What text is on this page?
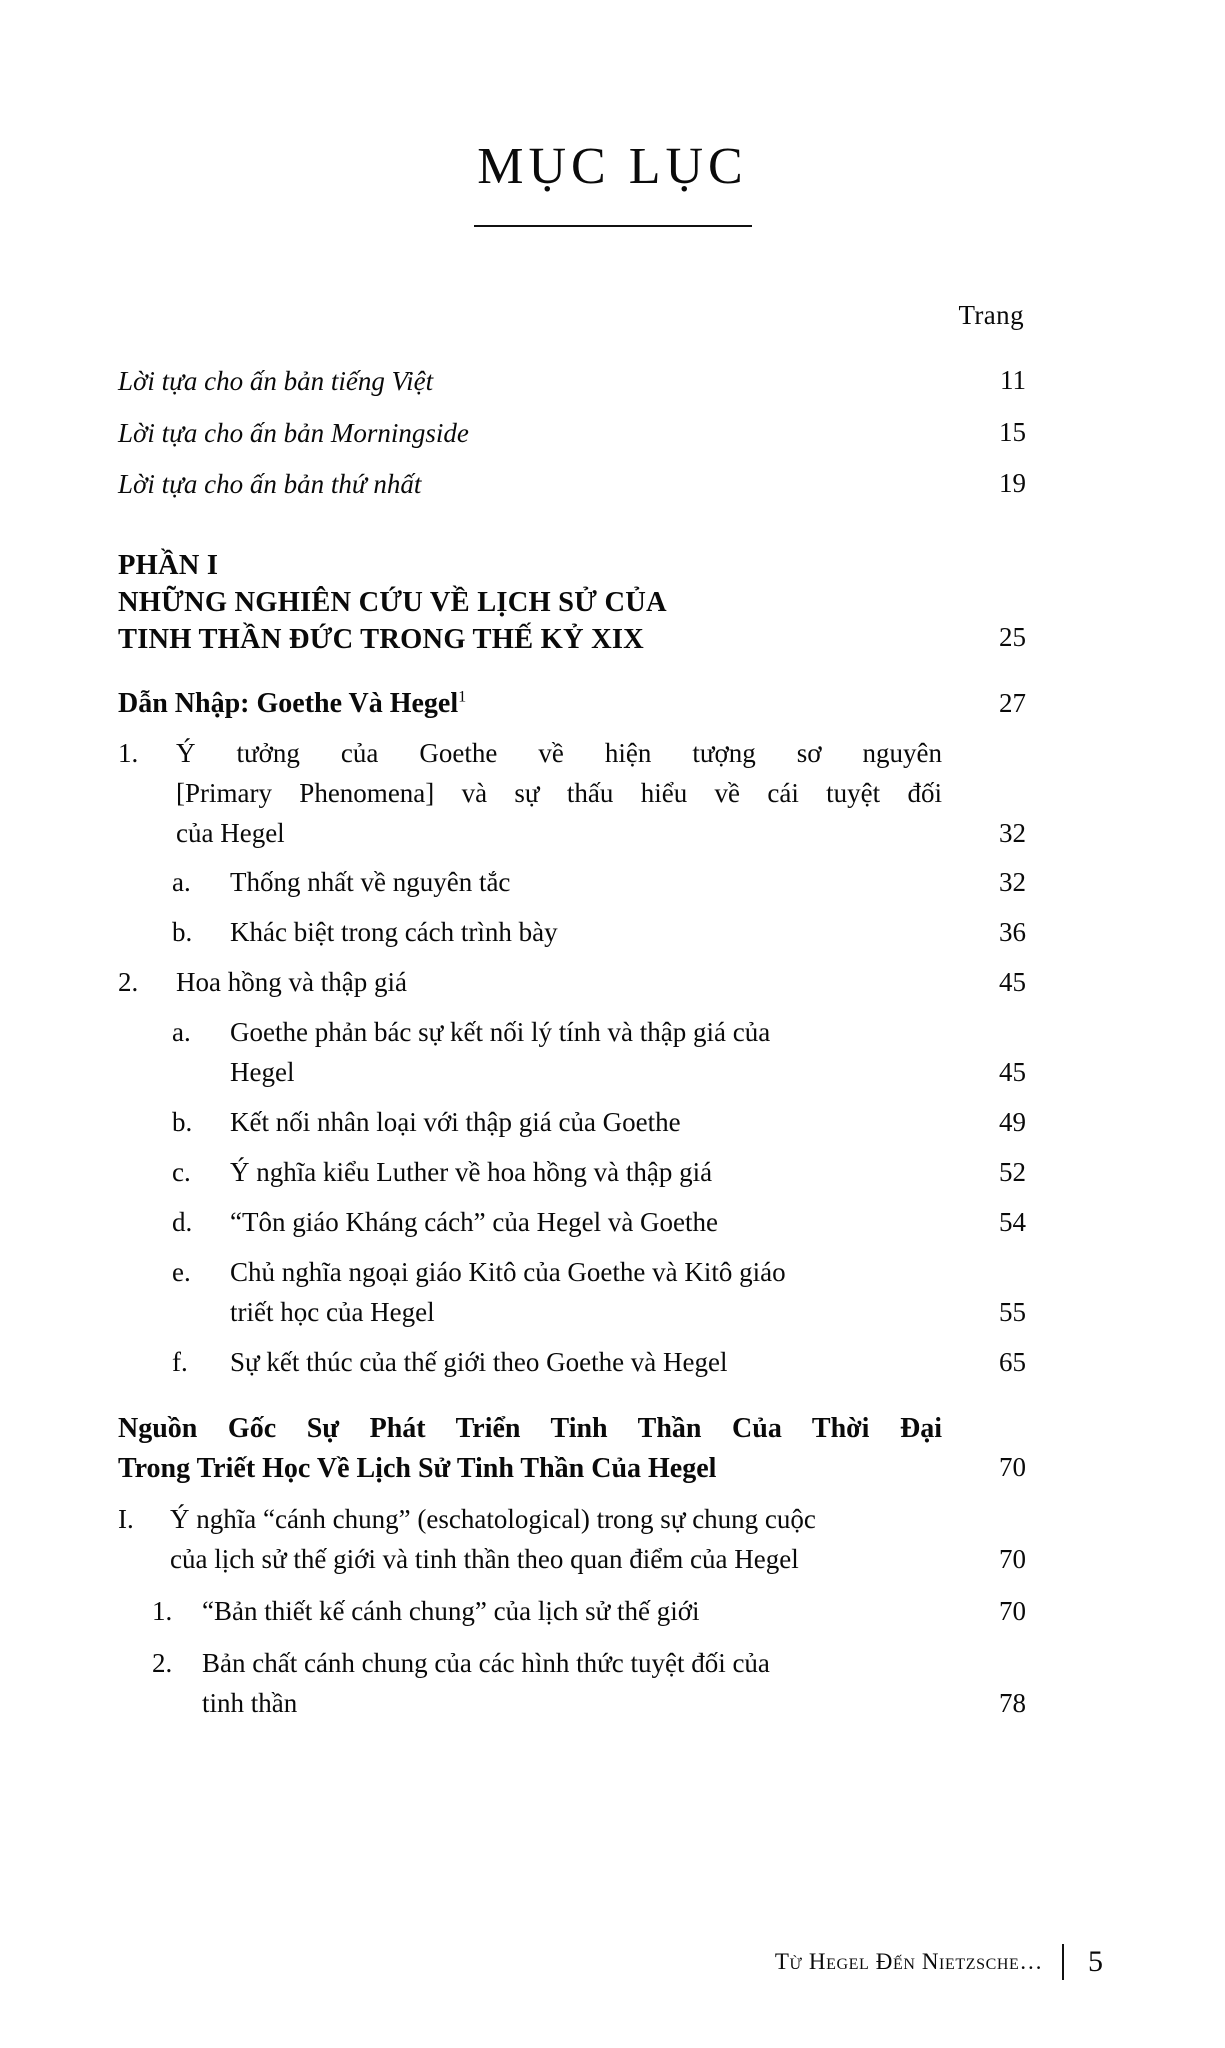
MỤC LỤC
Trang
Lời tựa cho ấn bản tiếng Việt	11
Lời tựa cho ấn bản Morningside	15
Lời tựa cho ấn bản thứ nhất	19
PHẦN I
NHỮNG NGHIÊN CỨU VỀ LỊCH SỬ CỦA
TINH THẦN ĐỨC TRONG THẾ KỶ XIX	25
Dẫn Nhập: Goethe Và Hegel$^1$	27
1.	Ý tưởng của Goethe về hiện tượng sơ nguyên
[Primary Phenomena] và sự thấu hiểu về cái tuyệt đối
của Hegel	32
a.	Thống nhất về nguyên tắc	32
b.	Khác biệt trong cách trình bày	36
2.	Hoa hồng và thập giá	45
a.	Goethe phản bác sự kết nối lý tính và thập giá của
Hegel	45
b.	Kết nối nhân loại với thập giá của Goethe	49
c.	Ý nghĩa kiểu Luther về hoa hồng và thập giá	52
d.	“Tôn giáo Kháng cách” của Hegel và Goethe	54
e.	Chủ nghĩa ngoại giáo Kitô của Goethe và Kitô giáo
triết học của Hegel	55
f.	Sự kết thúc của thế giới theo Goethe và Hegel	65
Nguồn Gốc Sự Phát Triển Tinh Thần Của Thời Đại
Trong Triết Học Về Lịch Sử Tinh Thần Của Hegel	70
I.	Ý nghĩa “cánh chung” (eschatological) trong sự chung cuộc
của lịch sử thế giới và tinh thần theo quan điểm của Hegel	70
1.	“Bản thiết kế cánh chung” của lịch sử thế giới	70
2.	Bản chất cánh chung của các hình thức tuyệt đối của
tinh thần	78
Từ Hegel Đến Nietzsche… 5
